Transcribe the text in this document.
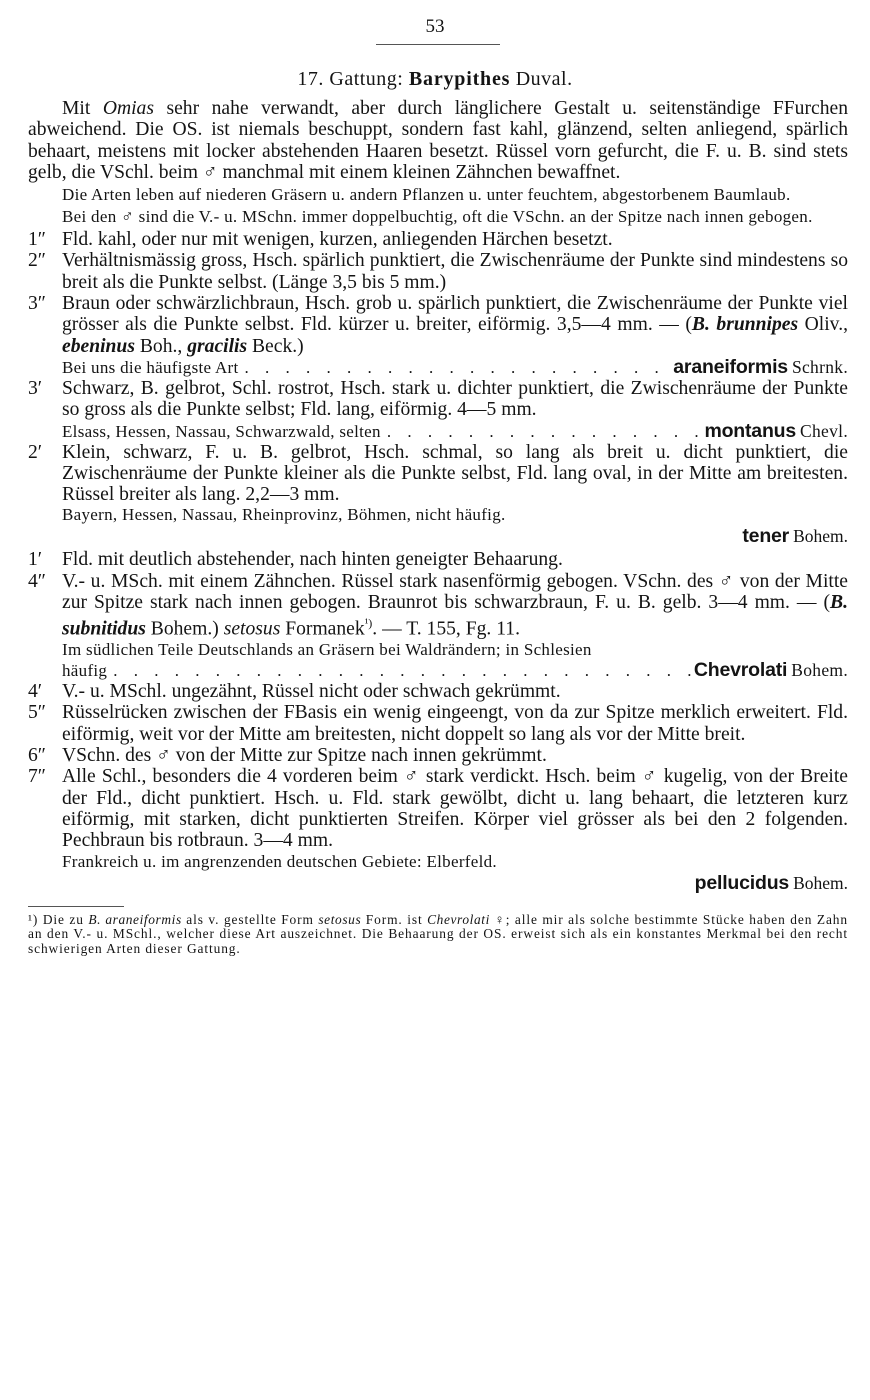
53
17. Gattung: Barypithes Duval.
Mit Omias sehr nahe verwandt, aber durch länglichere Gestalt u. seitenständige FFurchen abweichend. Die OS. ist niemals beschuppt, sondern fast kahl, glänzend, selten anliegend, spärlich behaart, meistens mit locker abstehenden Haaren besetzt. Rüssel vorn gefurcht, die F. u. B. sind stets gelb, die VSchl. beim ♂ manchmal mit einem kleinen Zähnchen bewaffnet.
Die Arten leben auf niederen Gräsern u. andern Pflanzen u. unter feuchtem, abgestorbenem Baumlaub.
Bei den ♂ sind die V.- u. MSchn. immer doppelbuchtig, oft die VSchn. an der Spitze nach innen gebogen.
1″ Fld. kahl, oder nur mit wenigen, kurzen, anliegenden Härchen besetzt.
2″ Verhältnismässig gross, Hsch. spärlich punktiert, die Zwischenräume der Punkte sind mindestens so breit als die Punkte selbst. (Länge 3,5 bis 5 mm.)
3″ Braun oder schwärzlichbraun, Hsch. grob u. spärlich punktiert, die Zwischenräume der Punkte viel grösser als die Punkte selbst. Fld. kürzer u. breiter, eiförmig. 3,5—4 mm. — (B. brunnipes Oliv., ebeninus Boh., gracilis Beck.)
Bei uns die häufigste Art . . .	araneiformis Schrnk.
3′ Schwarz, B. gelbrot, Schl. rostrot, Hsch. stark u. dichter punktiert, die Zwischenräume der Punkte so gross als die Punkte selbst; Fld. lang, eiförmig. 4—5 mm.
Elsass, Hessen, Nassau, Schwarzwald, selten . . .	montanus Chevl.
2′ Klein, schwarz, F. u. B. gelbrot, Hsch. schmal, so lang als breit u. dicht punktiert, die Zwischenräume der Punkte kleiner als die Punkte selbst, Fld. lang oval, in der Mitte am breitesten. Rüssel breiter als lang. 2,2—3 mm.
Bayern, Hessen, Nassau, Rheinprovinz, Böhmen, nicht häufig.
tener Bohem.
1′ Fld. mit deutlich abstehender, nach hinten geneigter Behaarung.
4″ V.- u. MSch. mit einem Zähnchen. Rüssel stark nasenförmig gebogen. VSchn. des ♂ von der Mitte zur Spitze stark nach innen gebogen. Braunrot bis schwarzbraun, F. u. B. gelb. 3—4 mm. — (B. subnitidus Bohem.) setosus Formanek$^{^1)}$. — T. 155, Fg. 11.
Im südlichen Teile Deutschlands an Gräsern bei Waldrändern; in Schlesien
häufig . . .	Chevrolati Bohem.
4′ V.- u. MSchl. ungezähnt, Rüssel nicht oder schwach gekrümmt.
5″ Rüsselrücken zwischen der FBasis ein wenig eingeengt, von da zur Spitze merklich erweitert. Fld. eiförmig, weit vor der Mitte am breitesten, nicht doppelt so lang als vor der Mitte breit.
6″ VSchn. des ♂ von der Mitte zur Spitze nach innen gekrümmt.
7″ Alle Schl., besonders die 4 vorderen beim ♂ stark verdickt. Hsch. beim ♂ kugelig, von der Breite der Fld., dicht punktiert. Hsch. u. Fld. stark gewölbt, dicht u. lang behaart, die letzteren kurz eiförmig, mit starken, dicht punktierten Streifen. Körper viel grösser als bei den 2 folgenden. Pechbraun bis rotbraun. 3—4 mm.
Frankreich u. im angrenzenden deutschen Gebiete: Elberfeld.
pellucidus Bohem.
¹) Die zu B. araneiformis als v. gestellte Form setosus Form. ist Chevrolati ♀; alle mir als solche bestimmte Stücke haben den Zahn an den V.- u. MSchl., welcher diese Art auszeichnet. Die Behaarung der OS. erweist sich als ein konstantes Merkmal bei den recht schwierigen Arten dieser Gattung.
